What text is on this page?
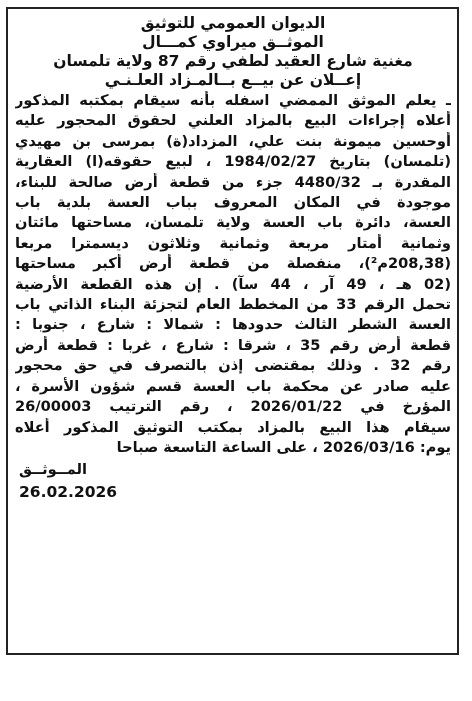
الديوان العمومي للتوثيق
الموثــق ميراوي كمـــال
مغنية شارع العقيد لطفي رقم 87 ولاية تلمسان
إعــلان عن بيــع بــالمـزاد العلـنـي
ـ يعلم الموثق الممضي اسفله بأنه سيقام بمكتبه المذكور
أعلاه إجراءات البيع بالمزاد العلني لحقوق المحجور عليه
أوحسين ميمونة بنت علي، المزداد(ة) بمرسى بن مهيدي
(تلمسان) بتاريخ 1984/02/27 ، لبيع حقوقه(ا) العقارية
المقدرة بـ 4480/32 جزء من قطعة أرض صالحة للبناء،
موجودة في المكان المعروف بباب العسة بلدية باب
العسة، دائرة باب العسة ولاية تلمسان، مساحتها مائتان
وثمانية أمتار مربعة وثمانية وثلاثون ديسمترا مربعا
(208,38م²)، منفصلة من قطعة أرض أكبر مساحتها
(02 هـ ، 49 آر ، 44 سآ) . إن هذه القطعة الأرضية
تحمل الرقم 33 من المخطط العام لتجزئة البناء الذاتي باب
العسة الشطر الثالث حدودها : شمالا : شارع ، جنوبا :
قطعة أرض رقم 35 ، شرقا : شارع ، غربا : قطعة أرض
رقم 32 . وذلك بمقتضى إذن بالتصرف في حق محجور
عليه صادر عن محكمة باب العسة قسم شؤون الأسرة ،
المؤرخ في 2026/01/22 ، رقم الترتيب 26/00003
سيقام هذا البيع بالمزاد بمكتب التوثيق المذكور أعلاه
يوم: 2026/03/16 ، على الساعة التاسعة صباحا
المــوثــق
26.02.2026
